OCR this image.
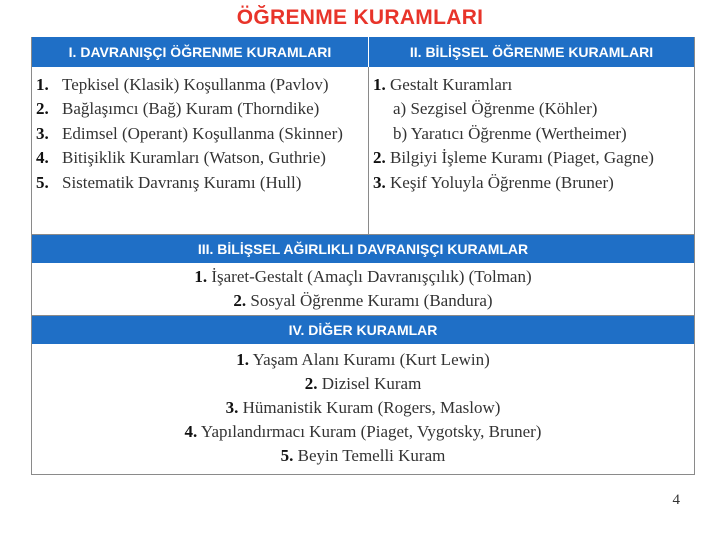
ÖĞRENME KURAMLARI
I. DAVRANIŞÇI ÖĞRENME KURAMLARI	II. BİLİŞSEL ÖĞRENME KURAMLARI
1. Tepkisel (Klasik) Koşullanma (Pavlov)
2. Bağlaşımcı (Bağ) Kuram (Thorndike)
3. Edimsel (Operant) Koşullanma (Skinner)
4. Bitişiklik Kuramları (Watson, Guthrie)
5. Sistematik Davranış Kuramı (Hull)
1. Gestalt Kuramları
a) Sezgisel Öğrenme (Köhler)
b) Yaratıcı Öğrenme (Wertheimer)
2. Bilgiyi İşleme Kuramı (Piaget, Gagne)
3. Keşif Yoluyla Öğrenme (Bruner)
III. BİLİŞSEL AĞIRLIKLI DAVRANIŞÇI KURAMLAR
1. İşaret-Gestalt (Amaçlı Davranışçılık) (Tolman)
2. Sosyal Öğrenme Kuramı (Bandura)
IV. DİĞER KURAMLAR
1. Yaşam Alanı Kuramı (Kurt Lewin)
2. Dizisel Kuram
3. Hümanistik Kuram (Rogers, Maslow)
4. Yapılandırmacı Kuram (Piaget, Vygotsky, Bruner)
5. Beyin Temelli Kuram
4
